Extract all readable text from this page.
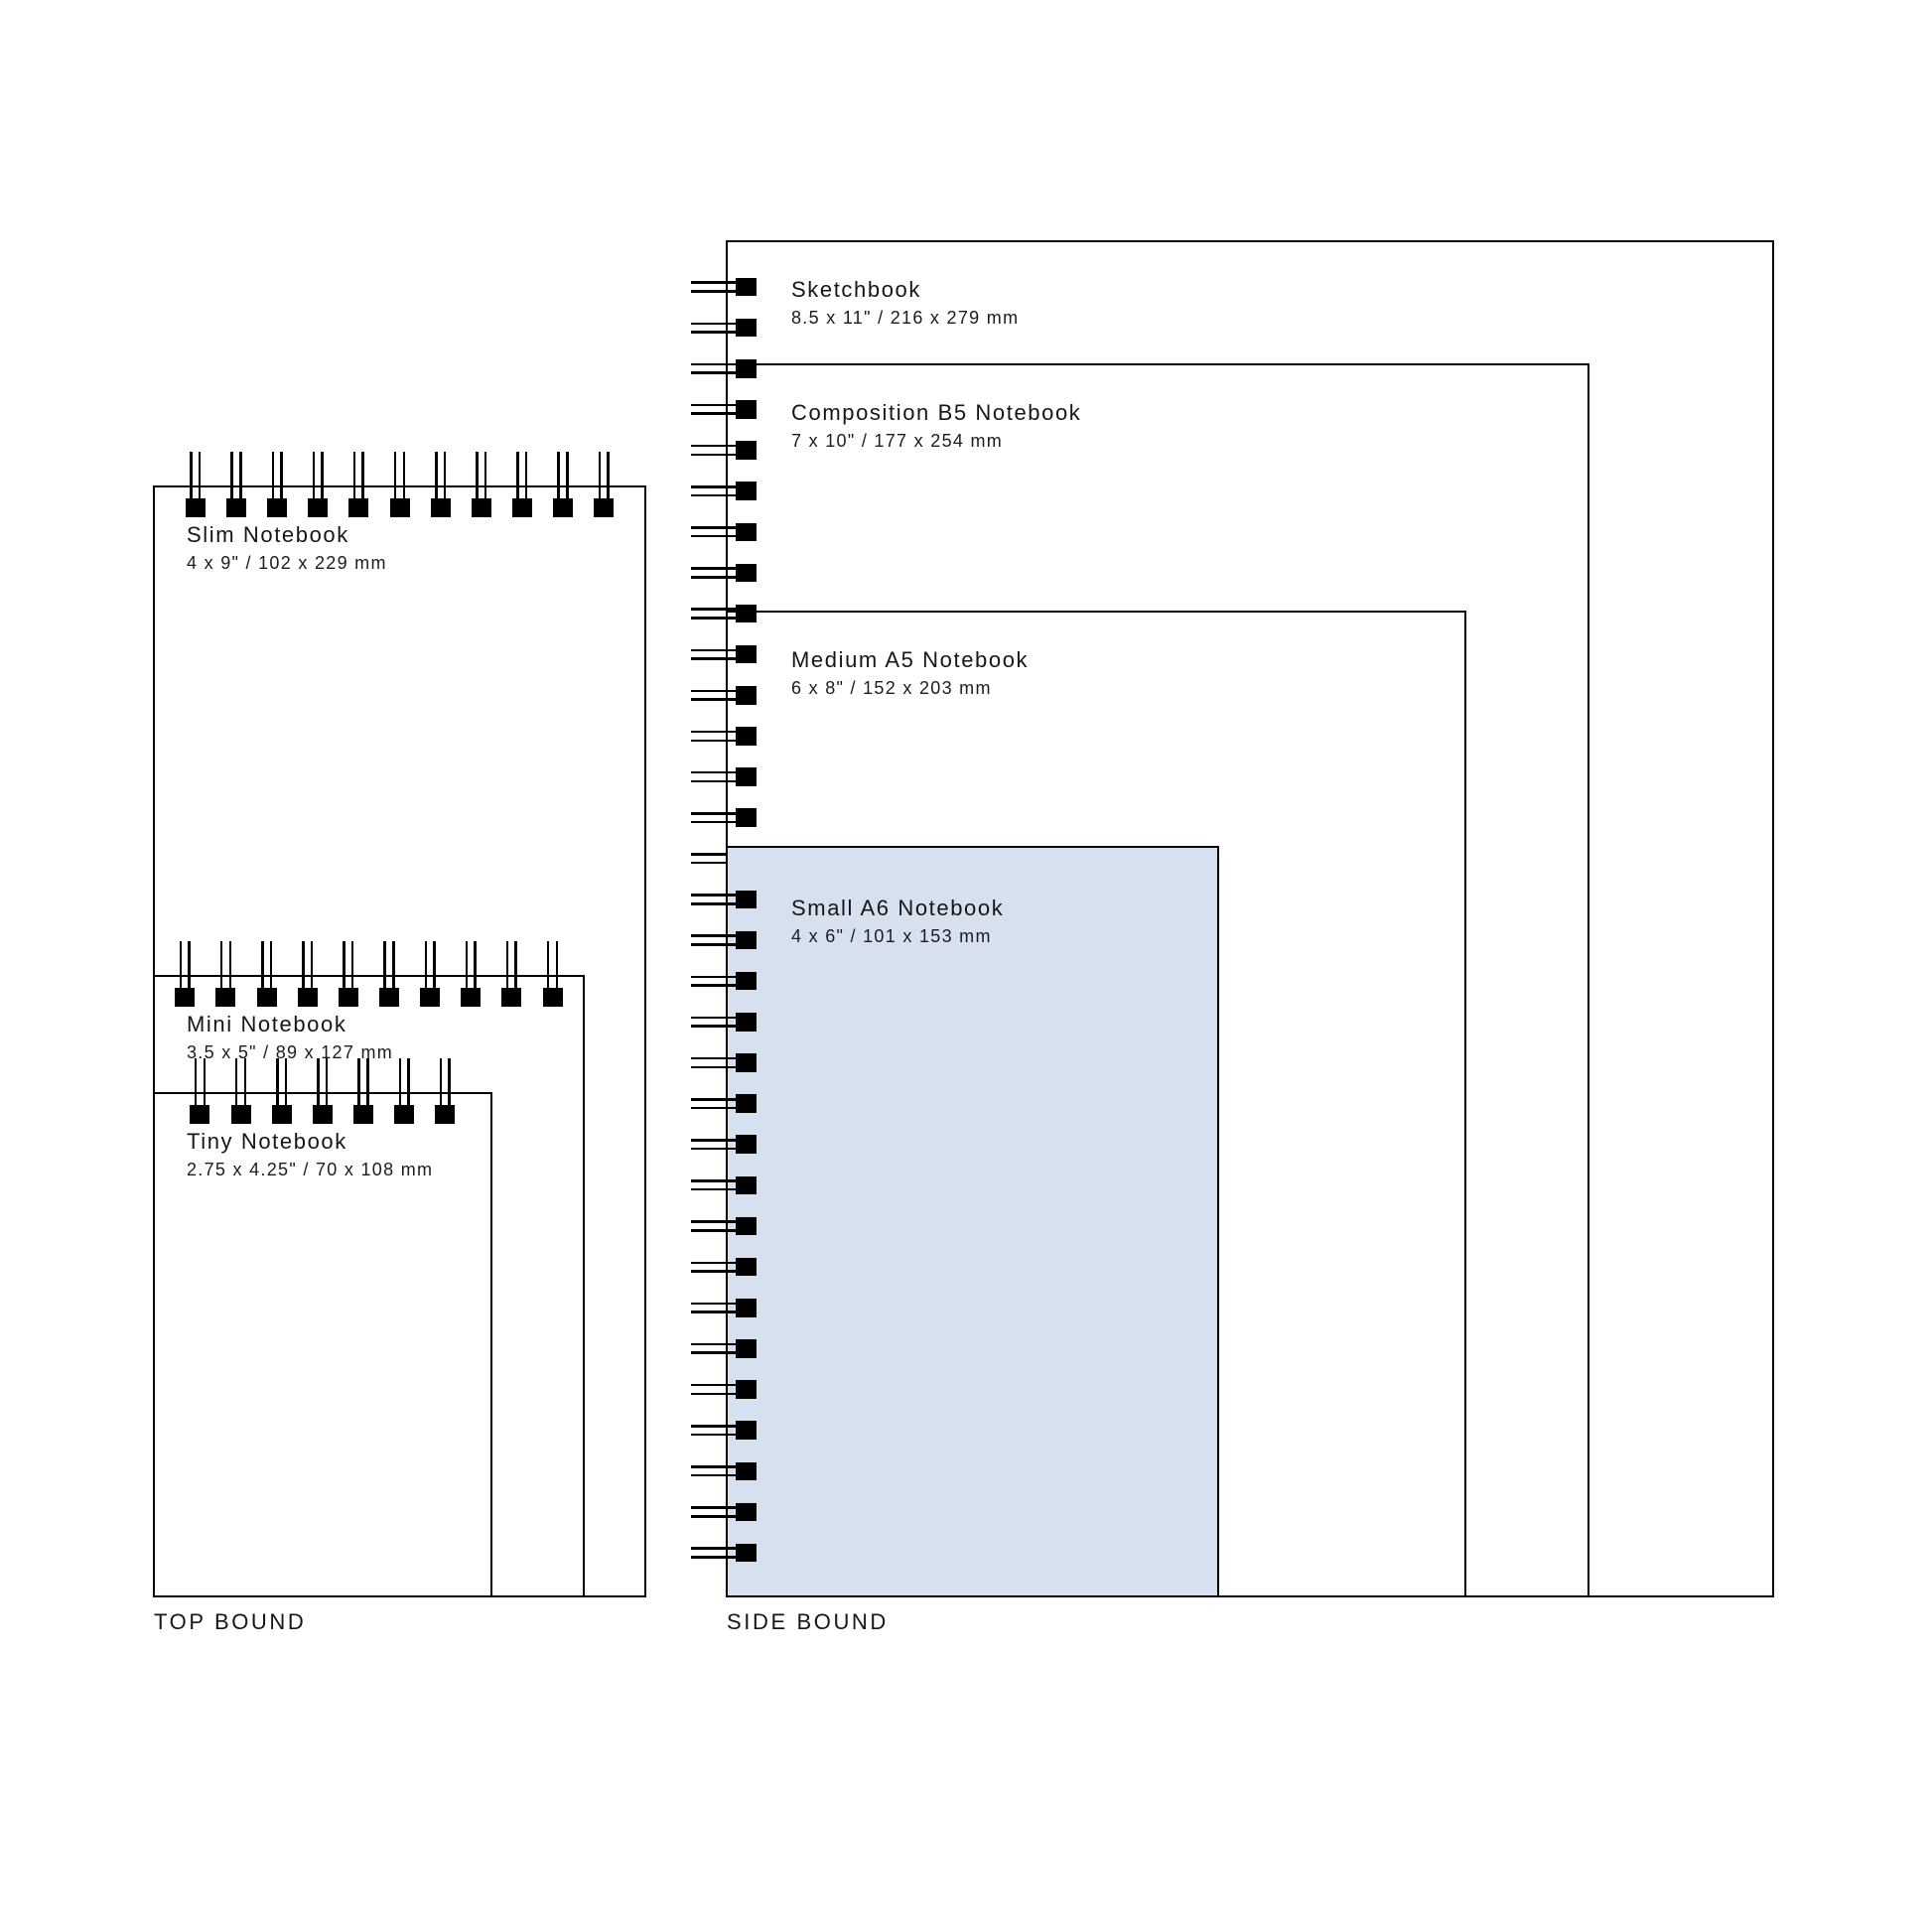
Slim Notebook
4 x 9" / 102 x 229 mm
Mini Notebook
3.5 x 5" / 89 x 127 mm
Tiny Notebook
2.75 x 4.25" / 70 x 108 mm
TOP BOUND
Sketchbook
8.5 x 11" / 216 x 279 mm
Composition B5 Notebook
7 x 10" / 177 x 254 mm
Medium A5 Notebook
6 x 8" / 152 x 203 mm
Small A6 Notebook
4 x 6" / 101 x 153 mm
SIDE BOUND
